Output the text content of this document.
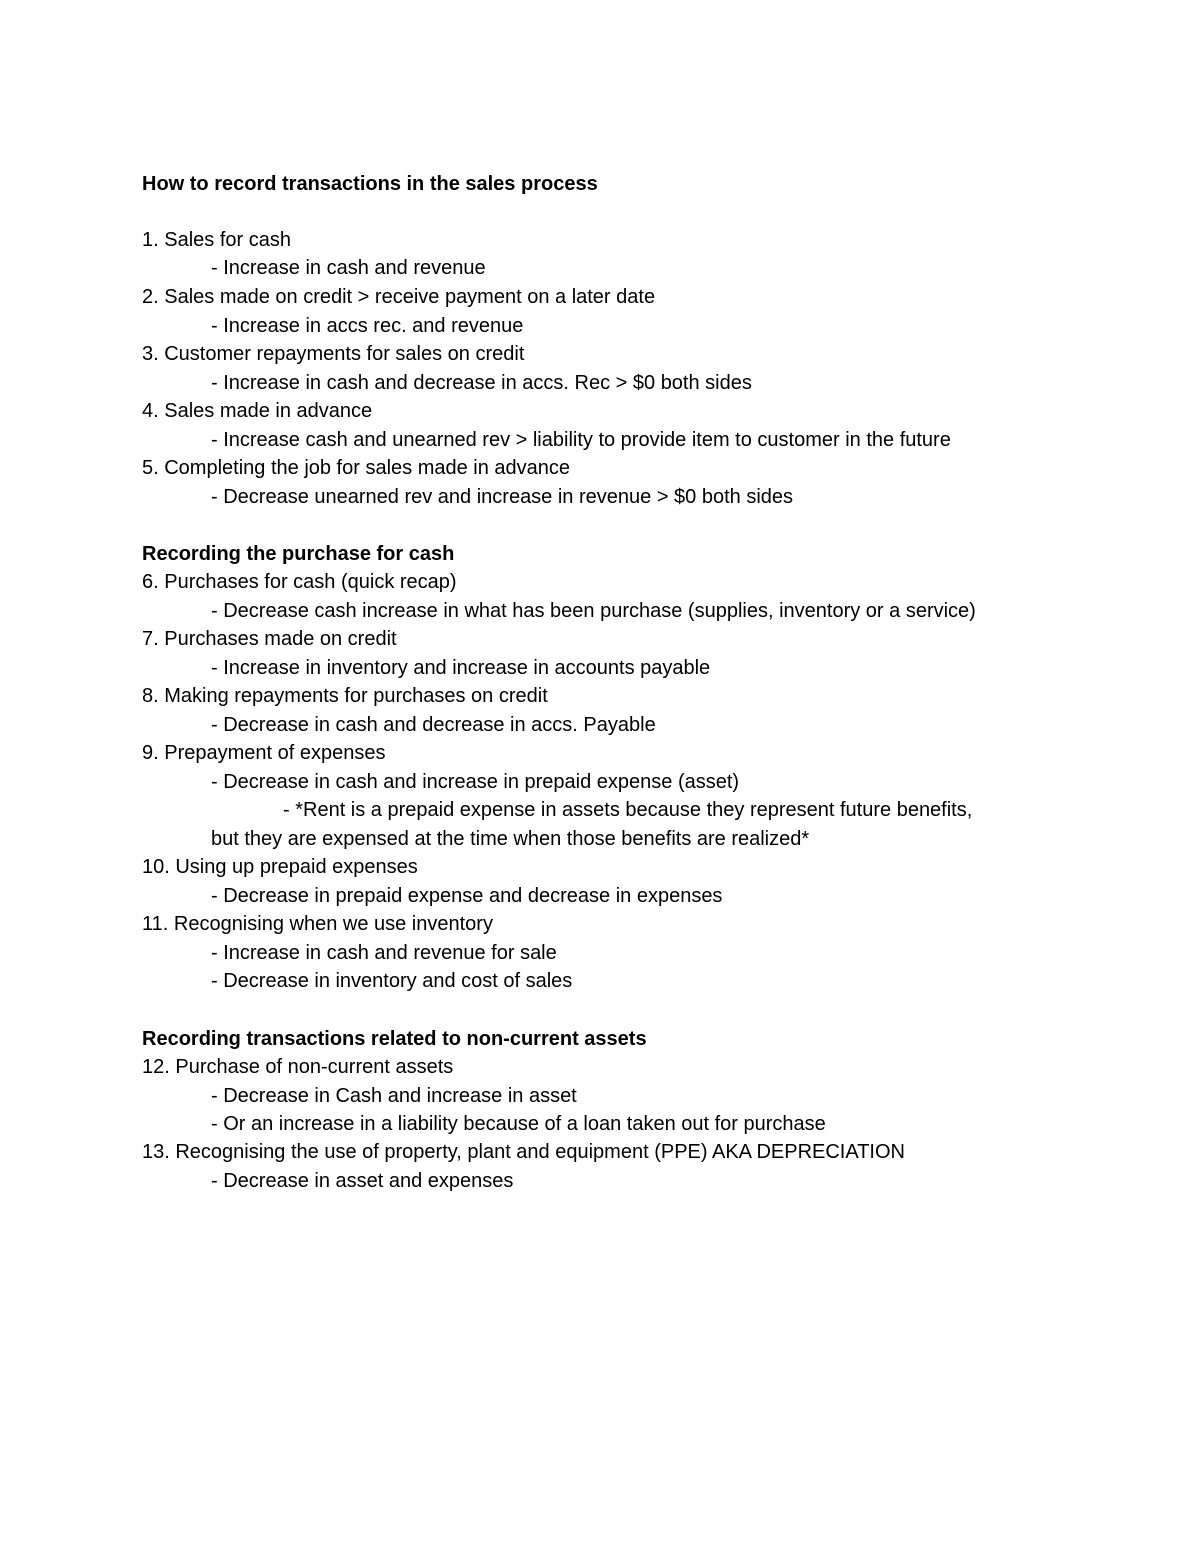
How to record transactions in the sales process
1. Sales for cash
- Increase in cash and revenue
2. Sales made on credit > receive payment on a later date
- Increase in accs rec. and revenue
3. Customer repayments for sales on credit
- Increase in cash and decrease in accs. Rec > $0 both sides
4. Sales made in advance
- Increase cash and unearned rev > liability to provide item to customer in the future
5. Completing the job for sales made in advance
- Decrease unearned rev and increase in revenue > $0 both sides
Recording the purchase for cash
6. Purchases for cash (quick recap)
- Decrease cash increase in what has been purchase (supplies, inventory or a service)
7. Purchases made on credit
- Increase in inventory and increase in accounts payable
8. Making repayments for purchases on credit
- Decrease in cash and decrease in accs. Payable
9. Prepayment of expenses
- Decrease in cash and increase in prepaid expense (asset)
- *Rent is a prepaid expense in assets because they represent future benefits,
but they are expensed at the time when those benefits are realized*
10. Using up prepaid expenses
- Decrease in prepaid expense and decrease in expenses
11. Recognising when we use inventory
- Increase in cash and revenue for sale
- Decrease in inventory and cost of sales
Recording transactions related to non-current assets
12. Purchase of non-current assets
- Decrease in Cash and increase in asset
- Or an increase in a liability because of a loan taken out for purchase
13. Recognising the use of property, plant and equipment (PPE) AKA DEPRECIATION
- Decrease in asset and expenses
